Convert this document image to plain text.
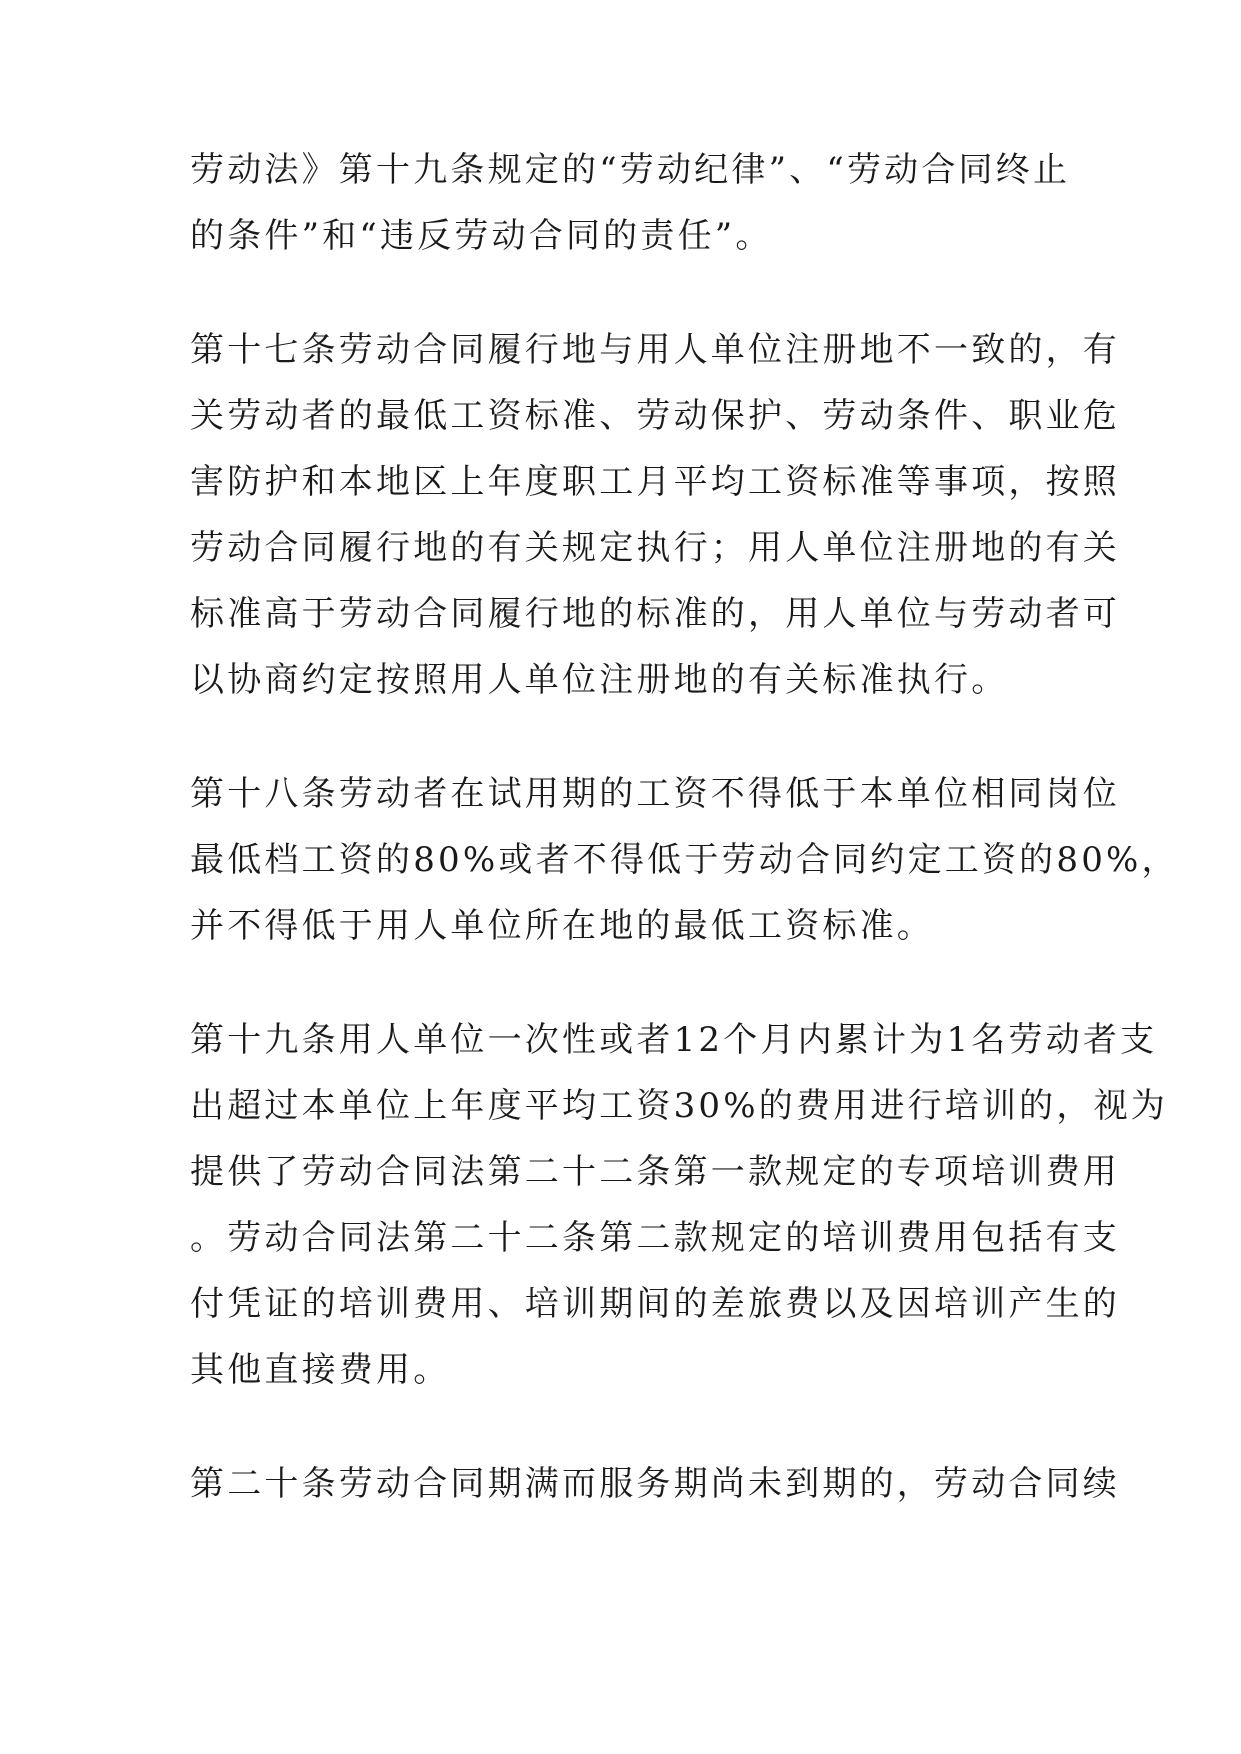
劳动法》第十九条规定的“劳动纪律”、“劳动合同终止
的条件”和“违反劳动合同的责任”。
第十七条劳动合同履行地与用人单位注册地不一致的，有
关劳动者的最低工资标准、劳动保护、劳动条件、职业危
害防护和本地区上年度职工月平均工资标准等事项，按照
劳动合同履行地的有关规定执行；用人单位注册地的有关
标准高于劳动合同履行地的标准的，用人单位与劳动者可
以协商约定按照用人单位注册地的有关标准执行。
第十八条劳动者在试用期的工资不得低于本单位相同岗位
最低档工资的80%或者不得低于劳动合同约定工资的80%，
并不得低于用人单位所在地的最低工资标准。
第十九条用人单位一次性或者12个月内累计为1名劳动者支
出超过本单位上年度平均工资30%的费用进行培训的，视为
提供了劳动合同法第二十二条第一款规定的专项培训费用
。劳动合同法第二十二条第二款规定的培训费用包括有支
付凭证的培训费用、培训期间的差旅费以及因培训产生的
其他直接费用。
第二十条劳动合同期满而服务期尚未到期的，劳动合同续
